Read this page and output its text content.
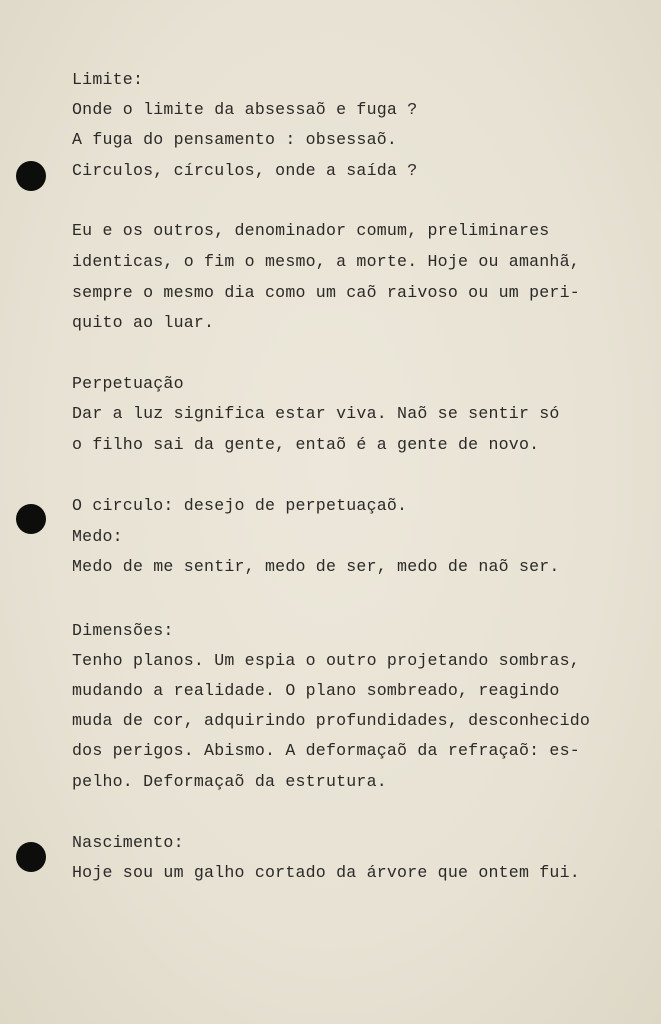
Limite:
Onde o limite da absessaõ e fuga ?
A fuga do pensamento : obsessaõ.
Circulos, círculos, onde a saída ?
Eu e os outros, denominador comum, preliminares
identicas, o fim o mesmo, a morte. Hoje ou amanhã,
sempre o mesmo dia como um caõ raivoso ou um peri-
quito ao luar.
Perpetuação
Dar a luz significa estar viva. Naõ se sentir só
o filho sai da gente, entaõ é a gente de novo.
O circulo: desejo de perpetuaçaõ.
Medo:
Medo de me sentir, medo de ser, medo de naõ ser.
Dimensões:
Tenho planos. Um espia o outro projetando sombras,
mudando a realidade. O plano sombreado, reagindo
muda de cor, adquirindo profundidades, desconhecido
dos perigos. Abismo. A deformaçaõ da refraçaõ: es-
pelho. Deformaçaõ da estrutura.
Nascimento:
Hoje sou um galho cortado da árvore que ontem fui.
